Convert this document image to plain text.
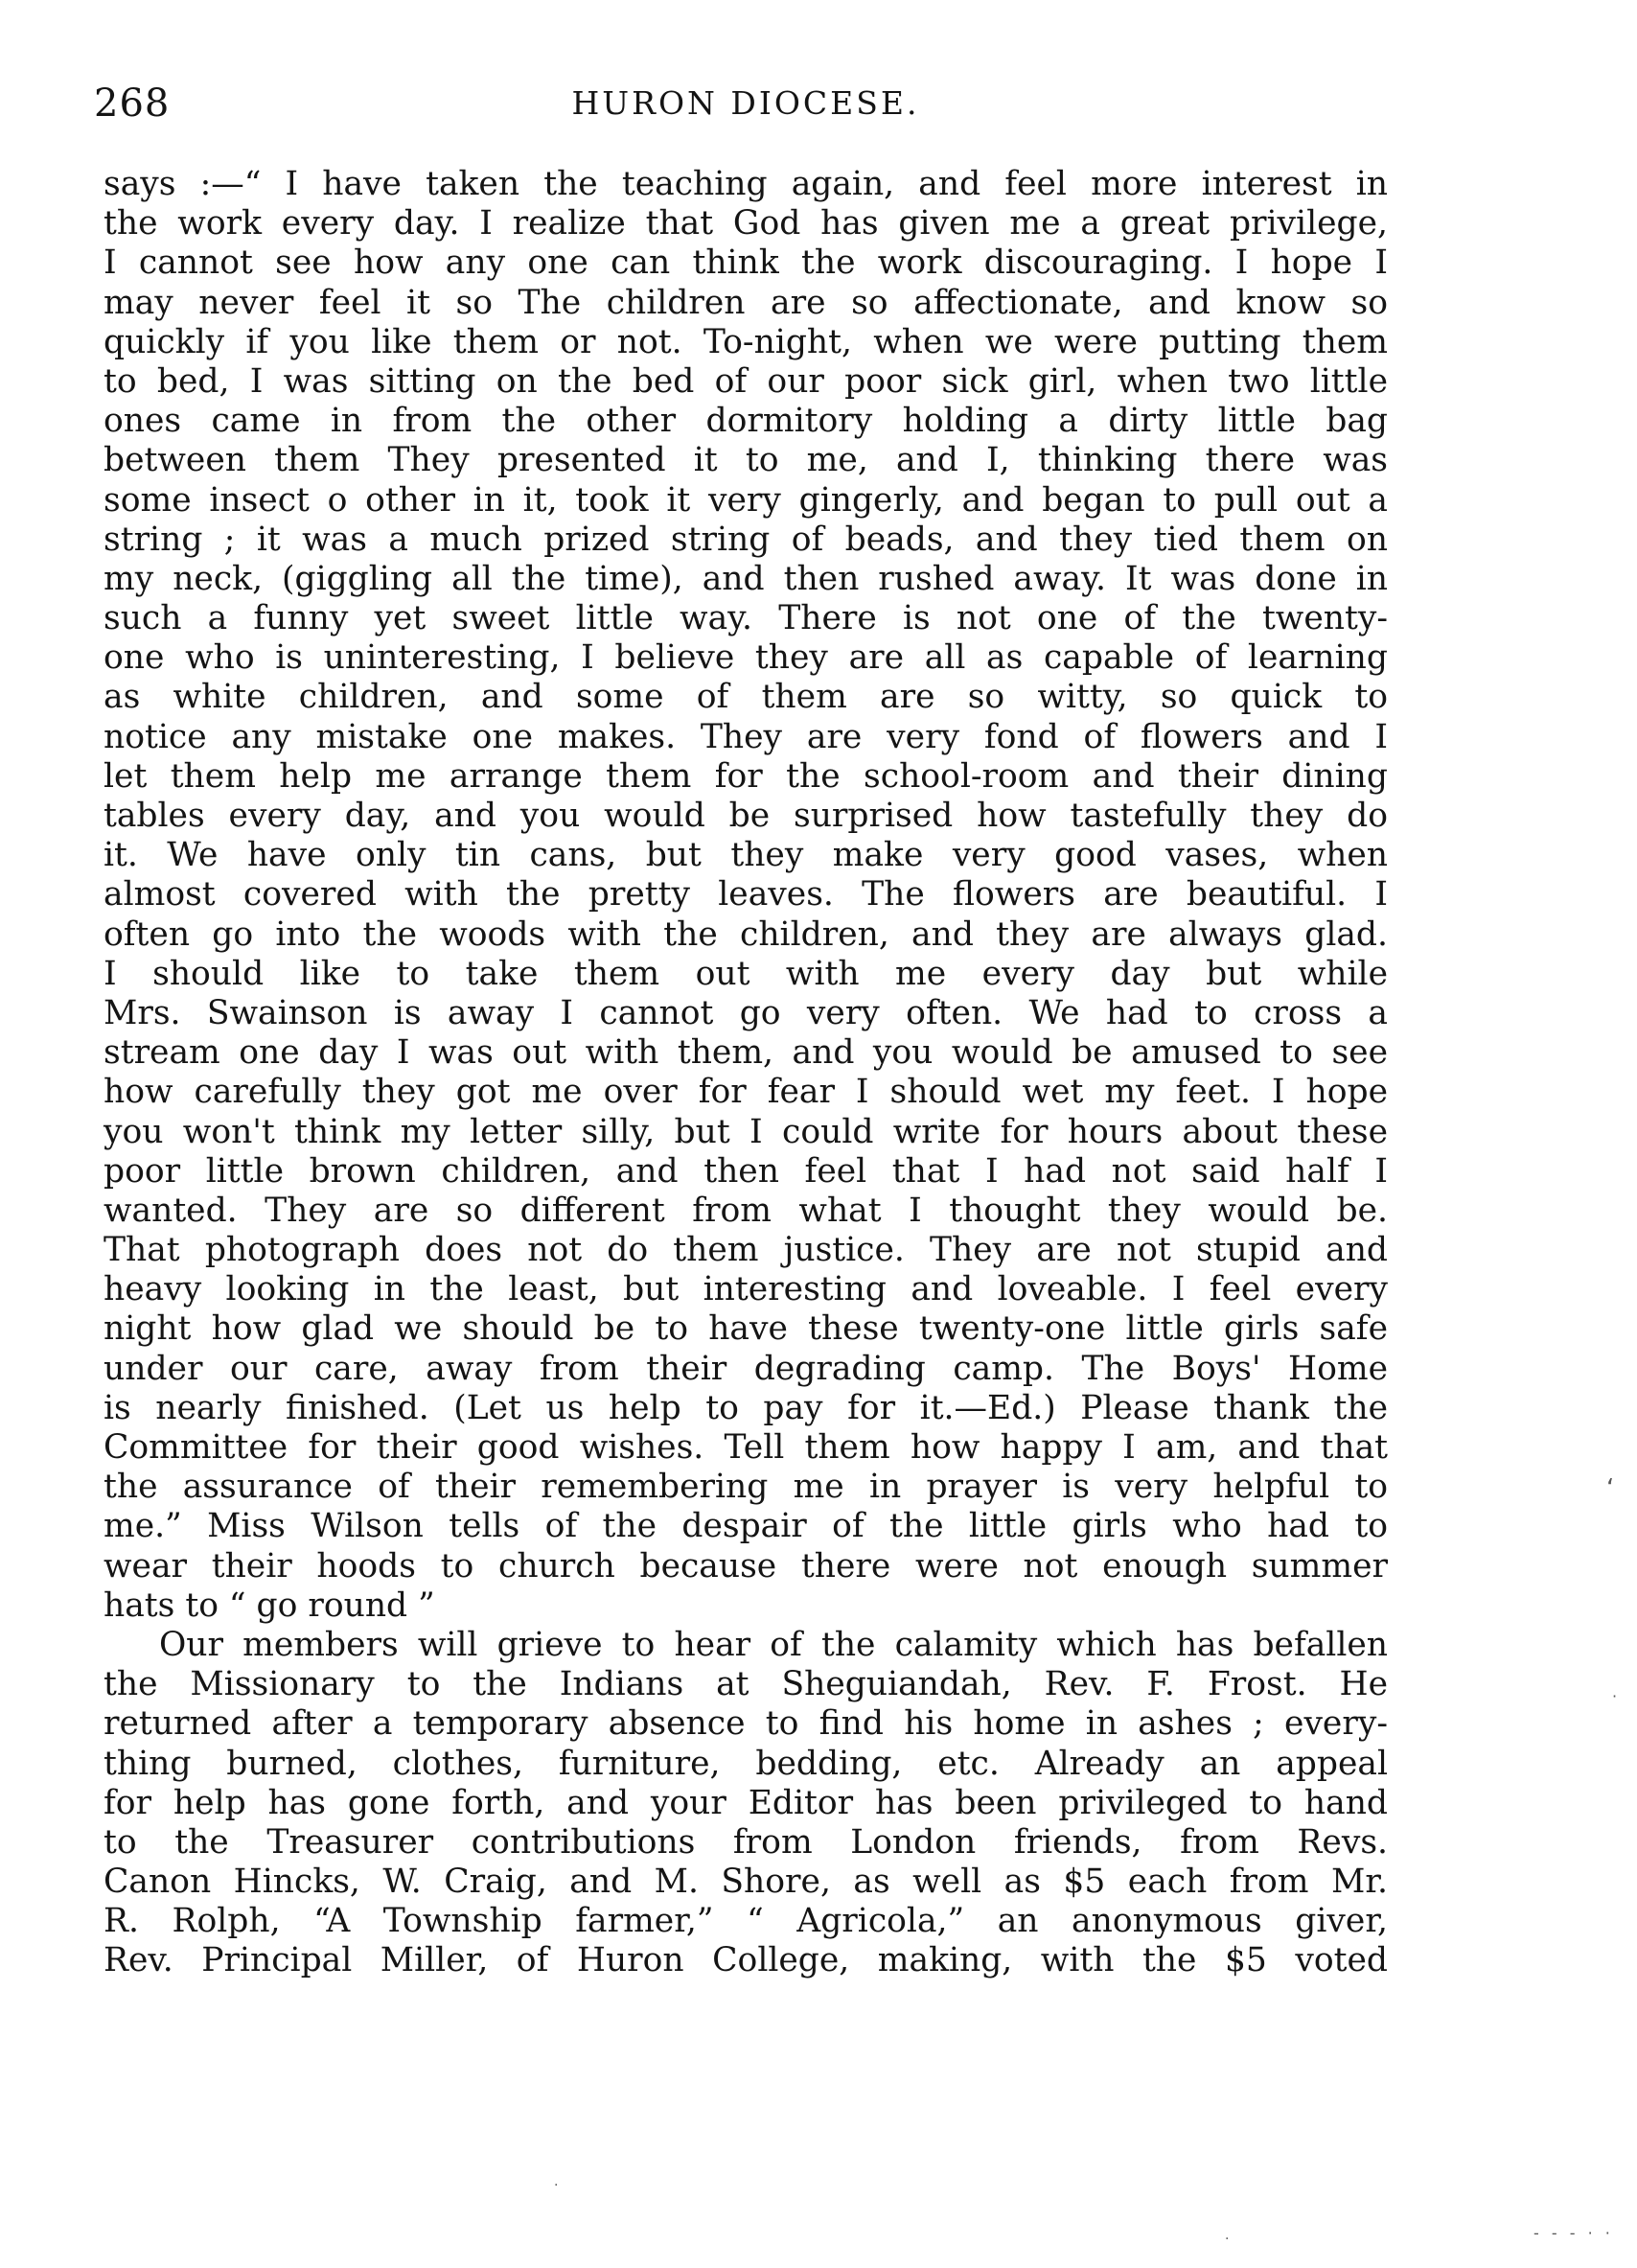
268	HURON DIOCESE.
says :—“ I have taken the teaching again, and feel more interest in
the work every day. I realize that God has given me a great privilege,
I cannot see how any one can think the work discouraging. I hope I
may never feel it so The children are so affectionate, and know so
quickly if you like them or not. To-night, when we were putting them
to bed, I was sitting on the bed of our poor sick girl, when two little
ones came in from the other dormitory holding a dirty little bag
between them They presented it to me, and I, thinking there was
some insect o other in it, took it very gingerly, and began to pull out a
string ; it was a much prized string of beads, and they tied them on
my neck, (giggling all the time), and then rushed away. It was done in
such a funny yet sweet little way. There is not one of the twenty-
one who is uninteresting, I believe they are all as capable of learning
as white children, and some of them are so witty, so quick to
notice any mistake one makes. They are very fond of flowers and I
let them help me arrange them for the school-room and their dining
tables every day, and you would be surprised how tastefully they do
it. We have only tin cans, but they make very good vases, when
almost covered with the pretty leaves. The flowers are beautiful. I
often go into the woods with the children, and they are always glad.
I should like to take them out with me every day but while
Mrs. Swainson is away I cannot go very often. We had to cross a
stream one day I was out with them, and you would be amused to see
how carefully they got me over for fear I should wet my feet. I hope
you won't think my letter silly, but I could write for hours about these
poor little brown children, and then feel that I had not said half I
wanted. They are so different from what I thought they would be.
That photograph does not do them justice. They are not stupid and
heavy looking in the least, but interesting and loveable. I feel every
night how glad we should be to have these twenty-one little girls safe
under our care, away from their degrading camp. The Boys' Home
is nearly finished. (Let us help to pay for it.—Ed.) Please thank the
Committee for their good wishes. Tell them how happy I am, and that
the assurance of their remembering me in prayer is very helpful to
me.” Miss Wilson tells of the despair of the little girls who had to
wear their hoods to church because there were not enough summer
hats to “ go round ”
Our members will grieve to hear of the calamity which has befallen
the Missionary to the Indians at Sheguiandah, Rev. F. Frost. He
returned after a temporary absence to find his home in ashes ; every-
thing burned, clothes, furniture, bedding, etc. Already an appeal
for help has gone forth, and your Editor has been privileged to hand
to the Treasurer contributions from London friends, from Revs.
Canon Hincks, W. Craig, and M. Shore, as well as $5 each from Mr.
R. Rolph, “A Township farmer,” “ Agricola,” an anonymous giver,
Rev. Principal Miller, of Huron College, making, with the $5 voted
‘
·
- - - · ·
·
·
